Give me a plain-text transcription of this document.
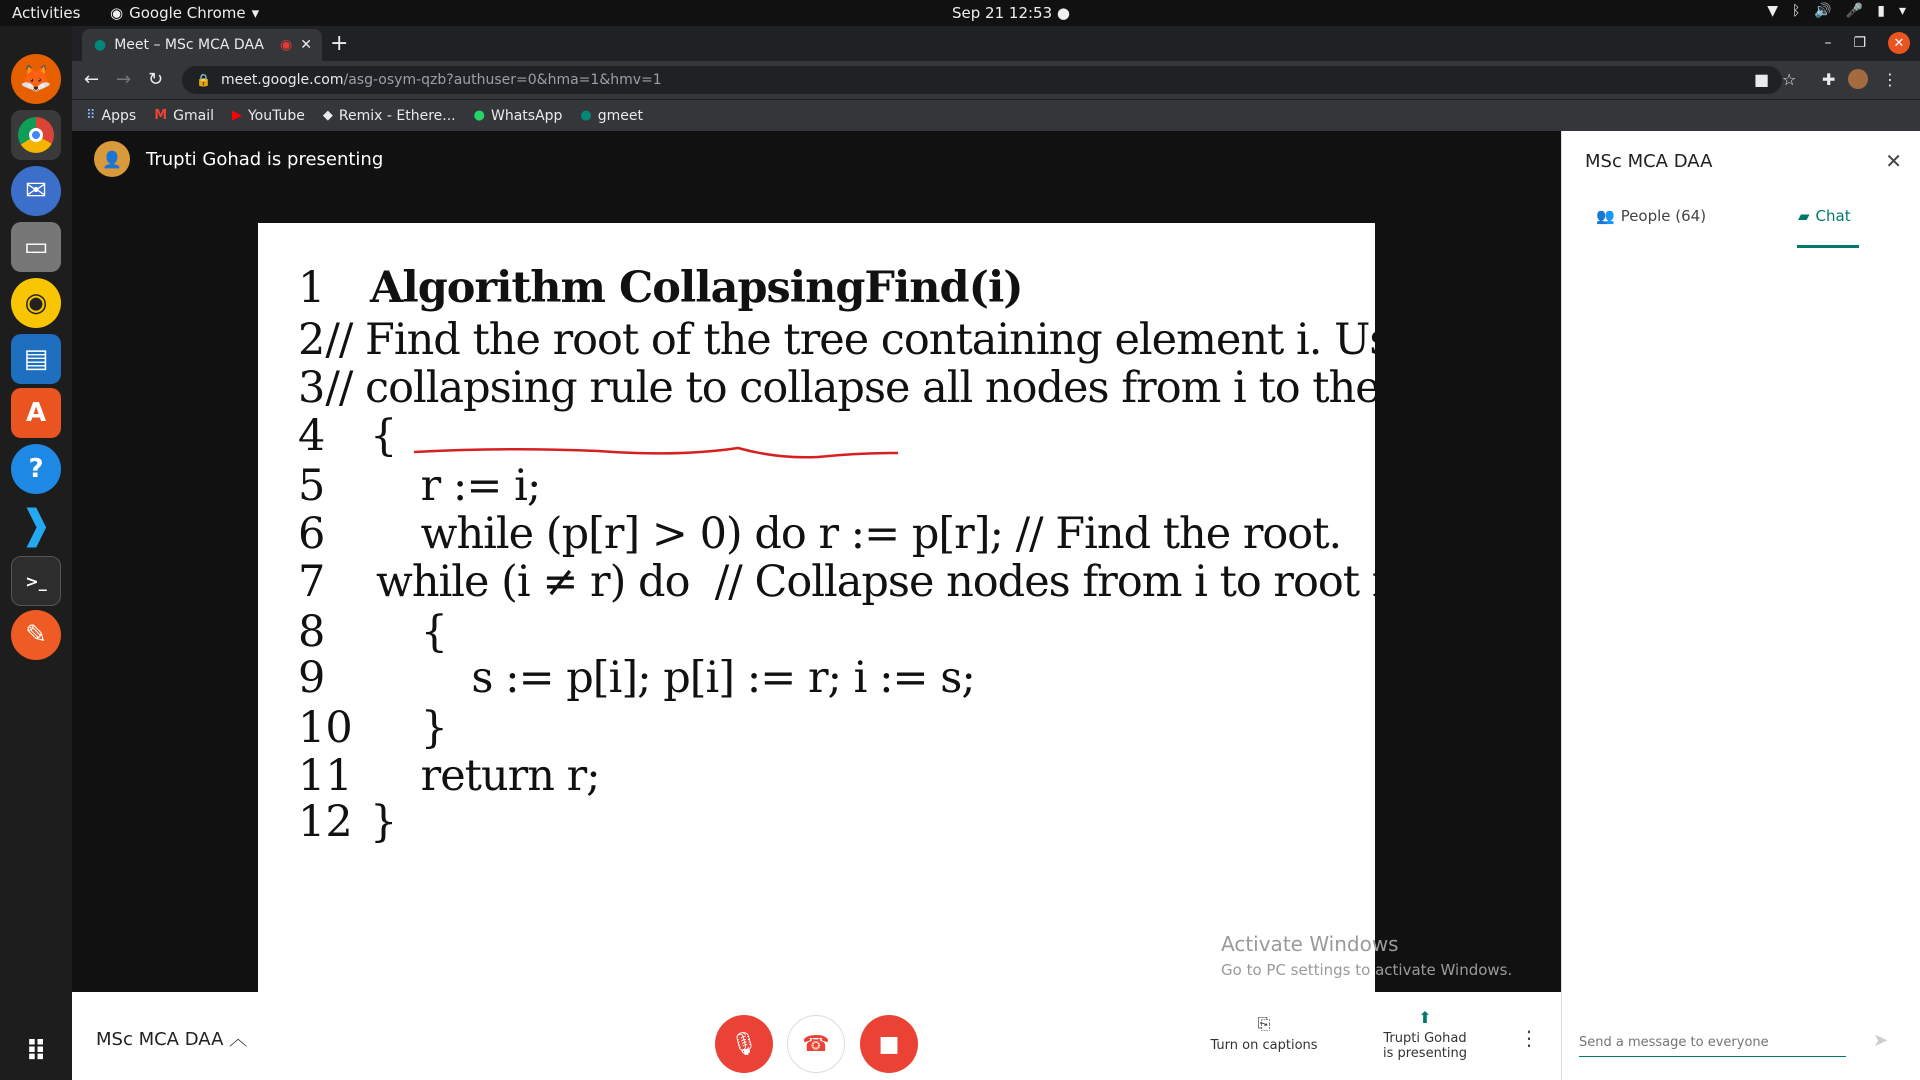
Activities ◉ Google Chrome ▾	Sep 21 12:53 ●	▼ ᛒ 🔊 🎤 ▮ ▾
🦊
✉
▭
◉
▤
A
?
❱
>_
✎
⠿
● Meet – MSc MCA DAA ◉ ✕ +	– ❐	✕
← → ↻	🔒 meet.google.com/asg-osym-qzb?authuser=0&hma=1&hmv=1	■ ☆ ✚	⋮
⠿ Apps M Gmail ▶ YouTube ◆ Remix - Ethere... ● WhatsApp ● gmeet
👤	Trupti Gohad is presenting
1	Algorithm CollapsingFind(i)
2 // Find the root of the tree containing element i. Use the
3 // collapsing rule to collapse all nodes from i to the root.
4	{
5	r := i;
6	while (p[r] > 0) do r := p[r]; // Find the root.
7 while (i ≠ r) do  // Collapse nodes from i to root r.
8	{
9	s := p[i]; p[i] := r; i := s;
10 }
11 return r;
12 }
Activate Windows
Go to PC settings to activate Windows.
MSc MCA DAA ︿	🎙 ☎ ■
⎘
Turn on captions
⬆
Trupti Gohad
is presenting
⋮
MSc MCA DAA	✕
👥 People (64)	▰ Chat
Send a message to everyone
➤
